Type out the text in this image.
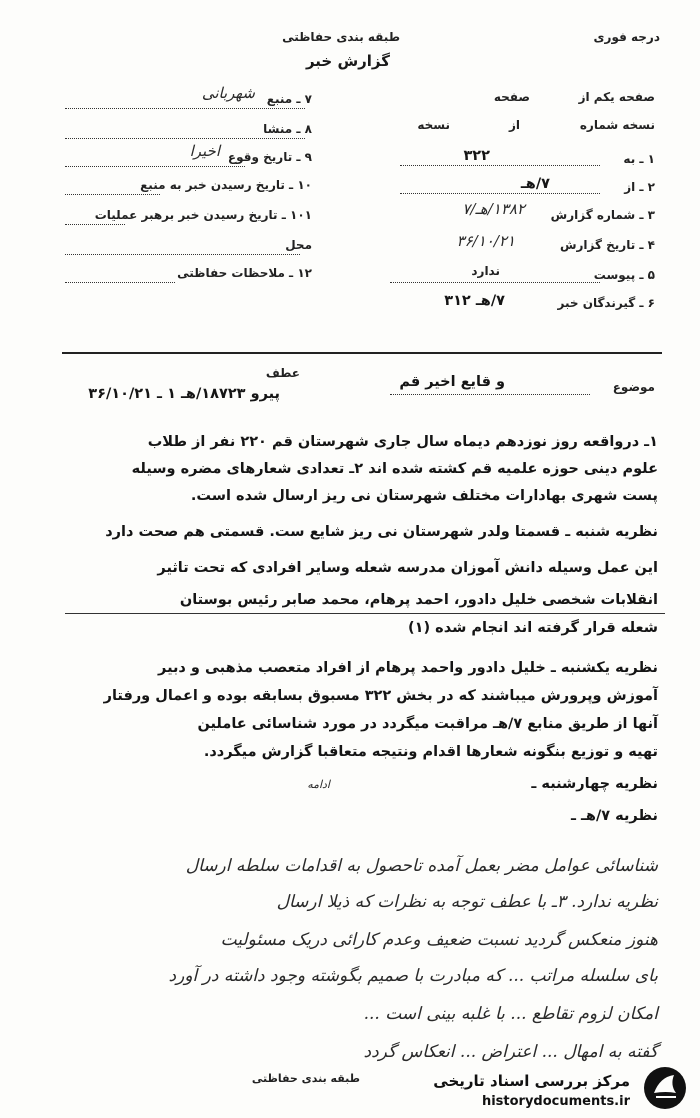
درجه فوری
طبقه بندی حفاظتی
گزارش خبر
۷ ـ منبع
شهربانی
۸ ـ منشا
۹ ـ تاریخ وقوع
اخیرا
۱۰ ـ تاریخ رسیدن خبر به منبع
۱۰۱ ـ تاریخ رسیدن خبر برهبر عملیات
محل
۱۲ ـ ملاحظات حفاظتی
صفحه یکم از
صفحه
نسخه شماره
از
نسخه
۱ ـ به
۳۲۲
۲ ـ از
۷/هـ
۳ ـ شماره گزارش
۱۳۸۲/هـ/۷
۴ ـ تاریخ گزارش
۳۶/۱۰/۲۱
۵ ـ پیوست
ندارد
۶ ـ گیرندگان خبر
۷/هـ ۳۱۲
موضوع
و قایع اخیر قم
عطف
پیرو ۱۸۷۲۳/هـ ۱ ـ ۳۶/۱۰/۲۱
۱ـ درواقعه روز نوزدهم دیماه سال جاری شهرستان قم ۲۲۰ نفر از طلاب
علوم دینی حوزه علمیه قم کشته شده اند ۲ـ تعدادی شعارهای مضره وسیله
پست شهری بهادارات مختلف شهرستان نی ریز ارسال شده است.
نظریه شنبه ـ قسمتا ولدر شهرستان نی ریز شایع ست. قسمتی هم صحت دارد
این عمل وسیله دانش آموزان مدرسه شعله وسایر افرادی که تحت تاثیر
انقلابات شخصی خلیل دادور، احمد پرهام، محمد صابر رئیس بوستان
شعله قرار گرفته اند انجام شده (۱)
نظریه یکشنبه ـ خلیل دادور واحمد پرهام از افراد متعصب مذهبی و دبیر
آموزش وپرورش میباشند که در بخش ۳۲۲ مسبوق بسابقه بوده و اعمال ورفتار
آنها از طریق منابع ۷/هـ مراقبت میگردد در مورد شناسائی عاملین
تهیه و توزیع بنگونه شعارها اقدام ونتیجه متعاقبا گزارش میگردد.
نظریه چهارشنبه ـ
نظریه ۷/هـ ـ
ادامه
شناسائی عوامل مضر بعمل آمده تاحصول به اقدامات سلطه ارسال
نظریه ندارد. ۳ـ با عطف توجه به نظرات که ذیلا ارسال
هنوز منعکس گردید نسبت ضعیف وعدم کارائی دریک مسئولیت
بای سلسله مراتب ... که مبادرت با صمیم بگوشته وجود داشته در آورد
امکان لزوم تقاطع ... با غلبه بینی است ...
گفته به امهال ... اعتراض ... انعکاس گردد
طبقه بندی حفاظتی	مرکز بررسی اسناد تاریخی
historydocuments.ir
